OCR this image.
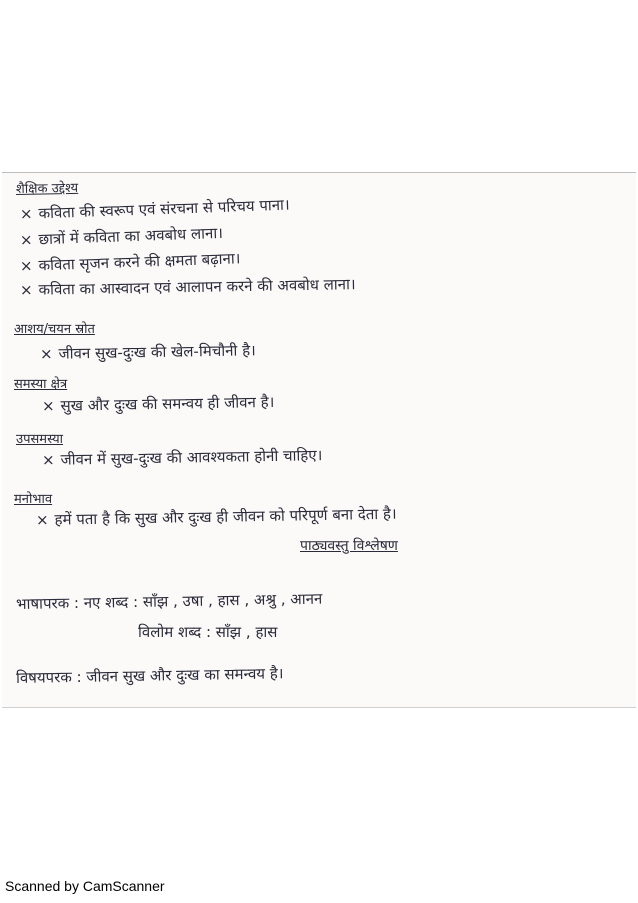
शैक्षिक उद्देश्य
× कविता की स्वरूप एवं संरचना से परिचय पाना।
× छात्रों में कविता का अवबोध लाना।
× कविता सृजन करने की क्षमता बढ़ाना।
× कविता का आस्वादन एवं आलापन करने की अवबोध लाना।
आशय/चयन स्रोत
× जीवन सुख-दुःख की खेल-मिचौनी है।
समस्या क्षेत्र
× सुख और दुःख की समन्वय ही जीवन है।
उपसमस्या
× जीवन में सुख-दुःख की आवश्यकता होनी चाहिए।
मनोभाव
× हमें पता है कि सुख और दुःख ही जीवन को परिपूर्ण बना देता है।
पाठ्यवस्तु विश्लेषण
भाषापरक : नए शब्द : साँझ , उषा , हास , अश्रु , आनन
विलोम शब्द : साँझ , हास
विषयपरक : जीवन सुख और दुःख का समन्वय है।
Scanned by CamScanner
